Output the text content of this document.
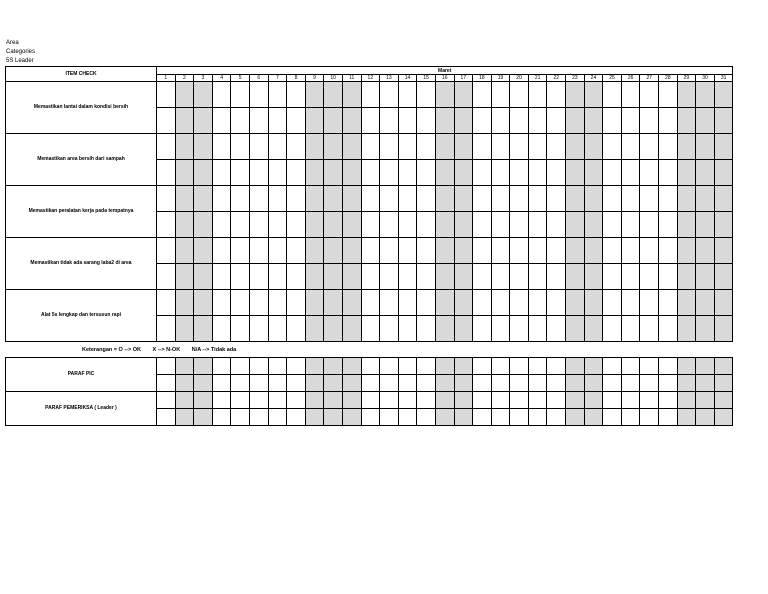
Area
Categories
5S Leader
ITEM CHECK	Maret																														
	1	2	3	4	5	6	7	8	9	10	11	12	13	14	15	16	17	18	19	20	21	22	23	24	25	26	27	28	29	30	31
Memastikan lantai dalam kondisi bersih																															

Memastikan area bersih dari sampah																															

Memastikan peralatan kerja pada tempatnya																															

Memastikan tidak ada sarang laba2 di area																															

Alat 5s lengkap dan tersusun rapi																															

Keterangan = O --> OK X --> N-OK N/A --> Tidak ada
PARAF PIC																															

PARAF PEMERIKSA ( Leader )																															
